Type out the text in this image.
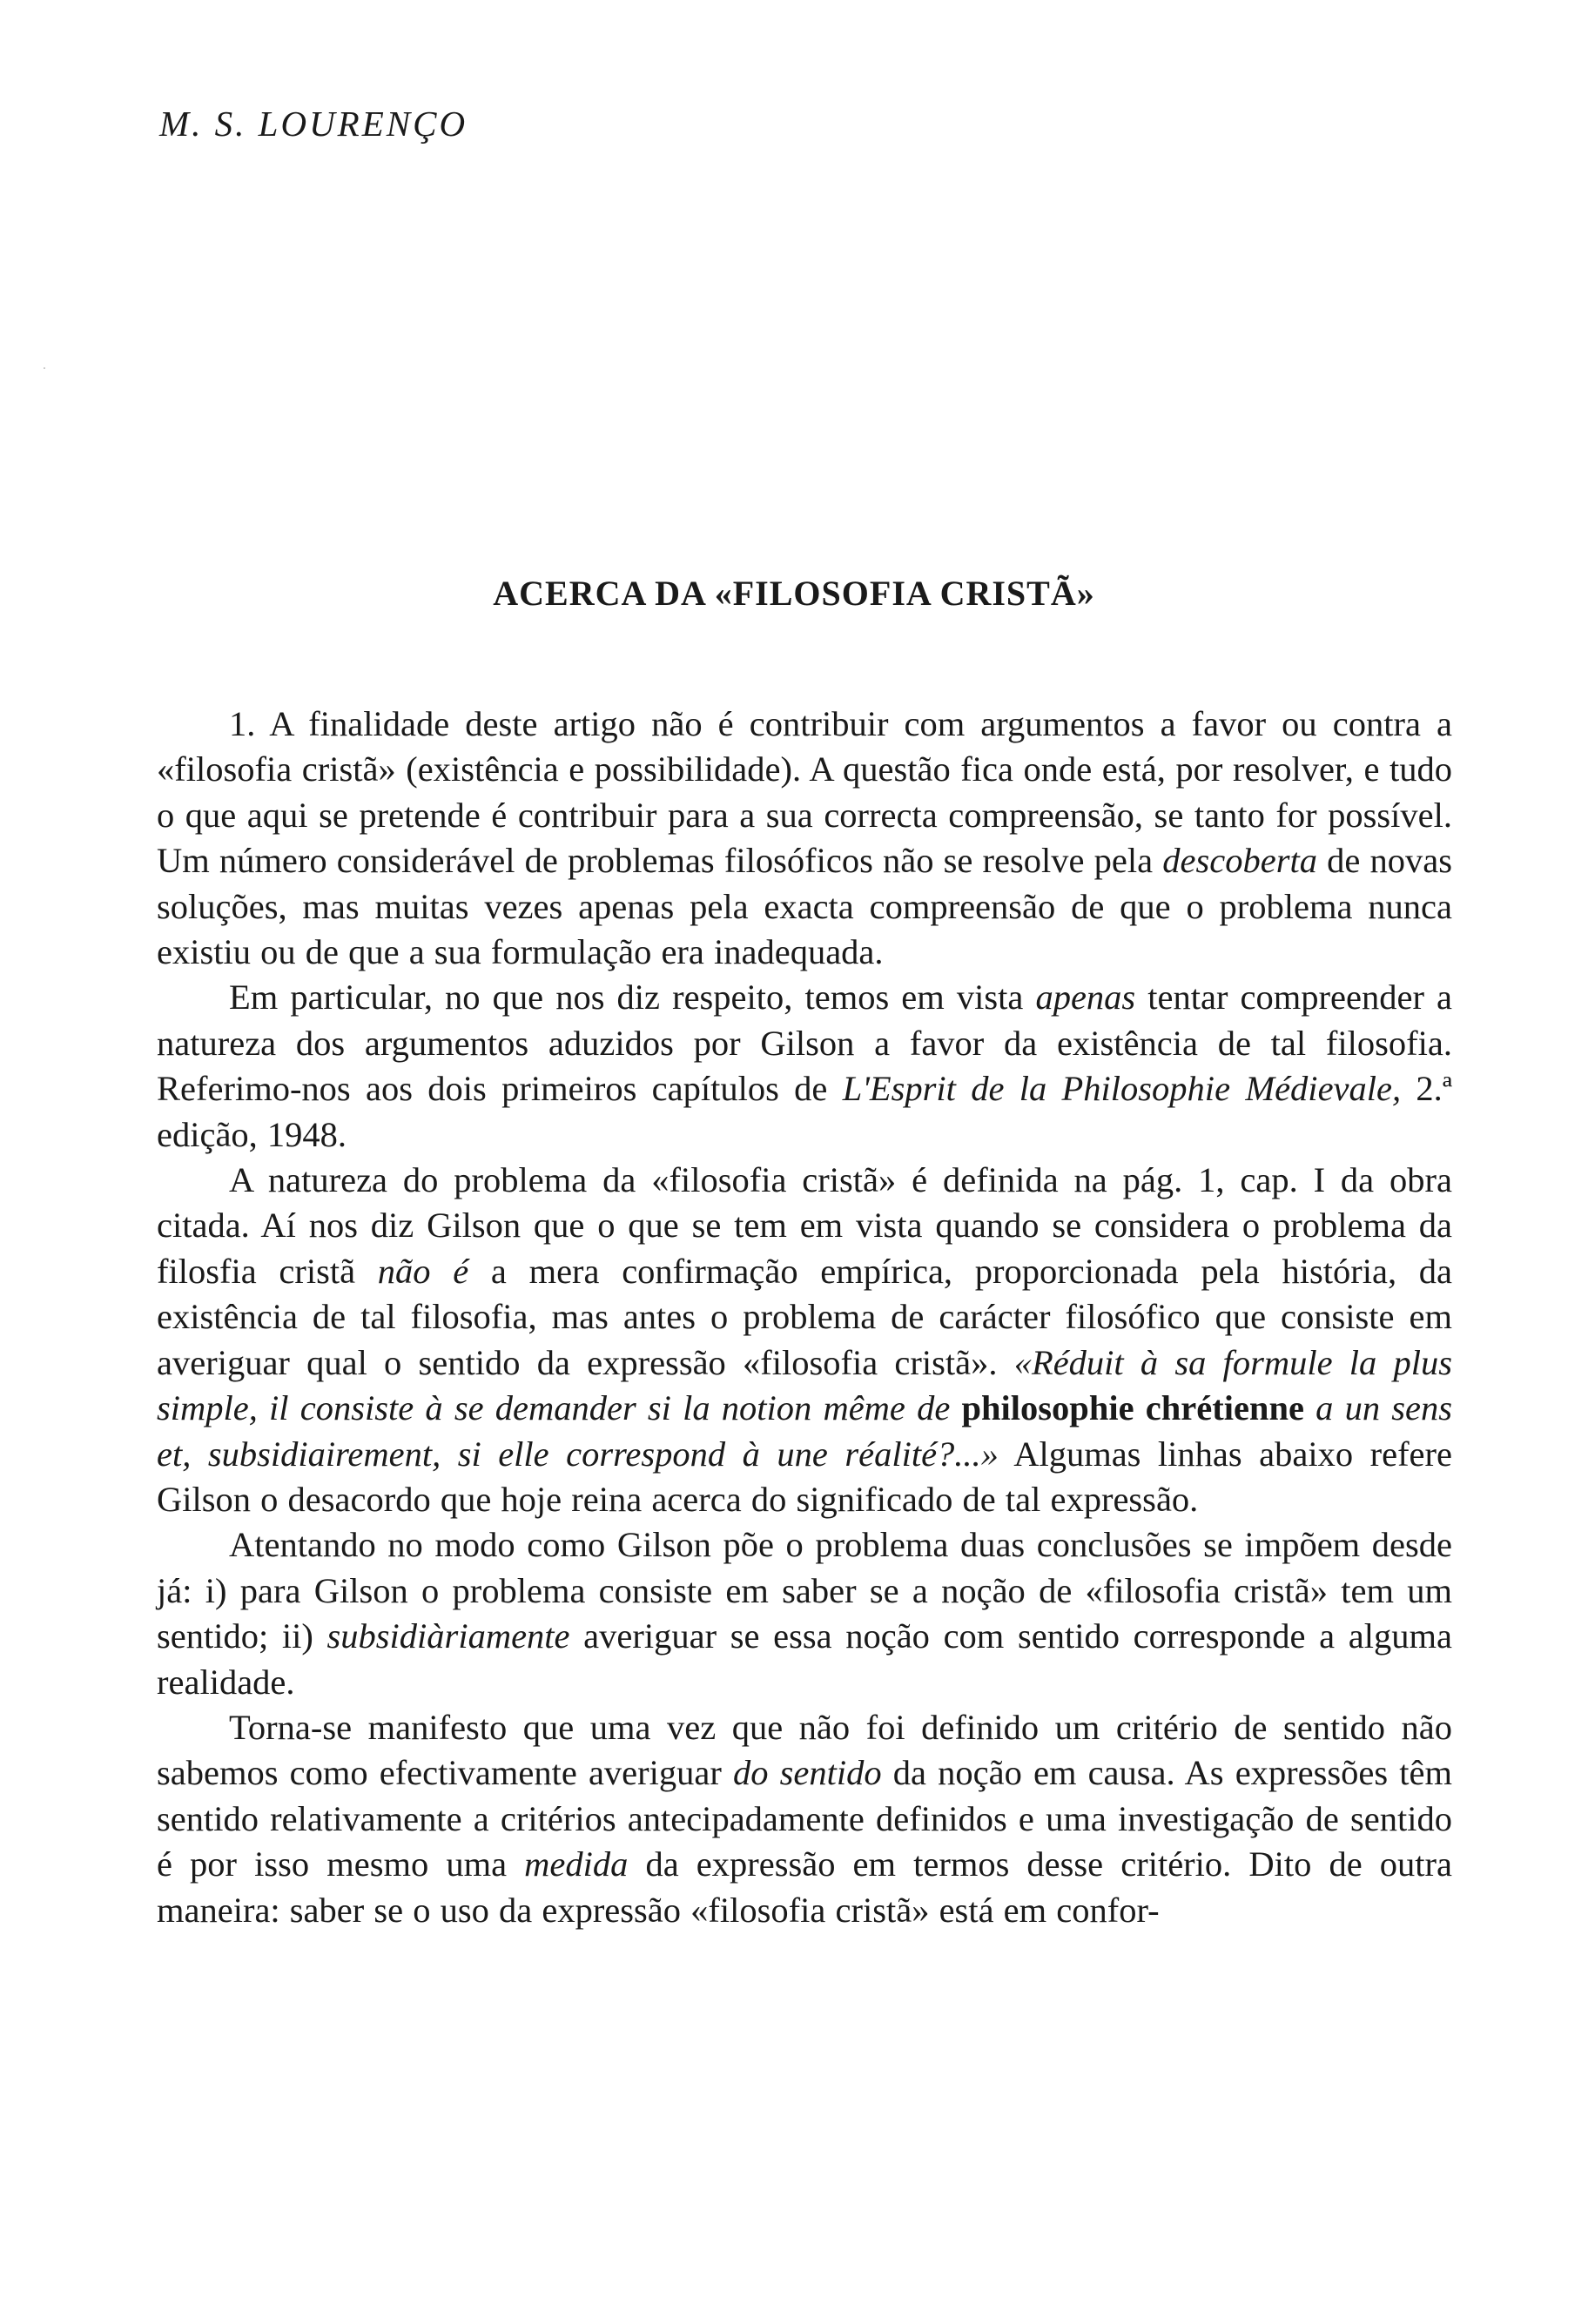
M. S. LOURENÇO
ACERCA DA «FILOSOFIA CRISTÃ»

1. A finalidade deste artigo não é contribuir com argumentos a favor ou contra a «filosofia cristã» (existência e possibilidade). A questão fica onde está, por resolver, e tudo o que aqui se pretende é contribuir para a sua correcta compreensão, se tanto for possível. Um número considerável de problemas filosóficos não se resolve pela descoberta de novas soluções, mas muitas vezes apenas pela exacta compreensão de que o problema nunca existiu ou de que a sua formulação era inadequada.

Em particular, no que nos diz respeito, temos em vista apenas tentar compreender a natureza dos argumentos aduzidos por Gilson a favor da existência de tal filosofia. Referimo-nos aos dois primeiros capítulos de L'Esprit de la Philosophie Médievale, 2.ª edição, 1948.

A natureza do problema da «filosofia cristã» é definida na pág. 1, cap. I da obra citada. Aí nos diz Gilson que o que se tem em vista quando se considera o problema da filosfia cristã não é a mera confirmação empírica, proporcionada pela história, da existência de tal filosofia, mas antes o problema de carácter filosófico que consiste em averiguar qual o sentido da expressão «filosofia cristã». «Réduit à sa formule la plus simple, il consiste à se demander si la notion même de philosophie chrétienne a un sens et, subsidiairement, si elle correspond à une réalité?...» Algumas linhas abaixo refere Gilson o desacordo que hoje reina acerca do significado de tal expressão.

Atentando no modo como Gilson põe o problema duas conclusões se impõem desde já: i) para Gilson o problema consiste em saber se a noção de «filosofia cristã» tem um sentido; ii) subsidiàriamente averiguar se essa noção com sentido corresponde a alguma realidade.

Torna-se manifesto que uma vez que não foi definido um critério de sentido não sabemos como efectivamente averiguar do sentido da noção em causa. As expressões têm sentido relativamente a critérios antecipadamente definidos e uma investigação de sentido é por isso mesmo uma medida da expressão em termos desse critério. Dito de outra maneira: saber se o uso da expressão «filosofia cristã» está em confor-
